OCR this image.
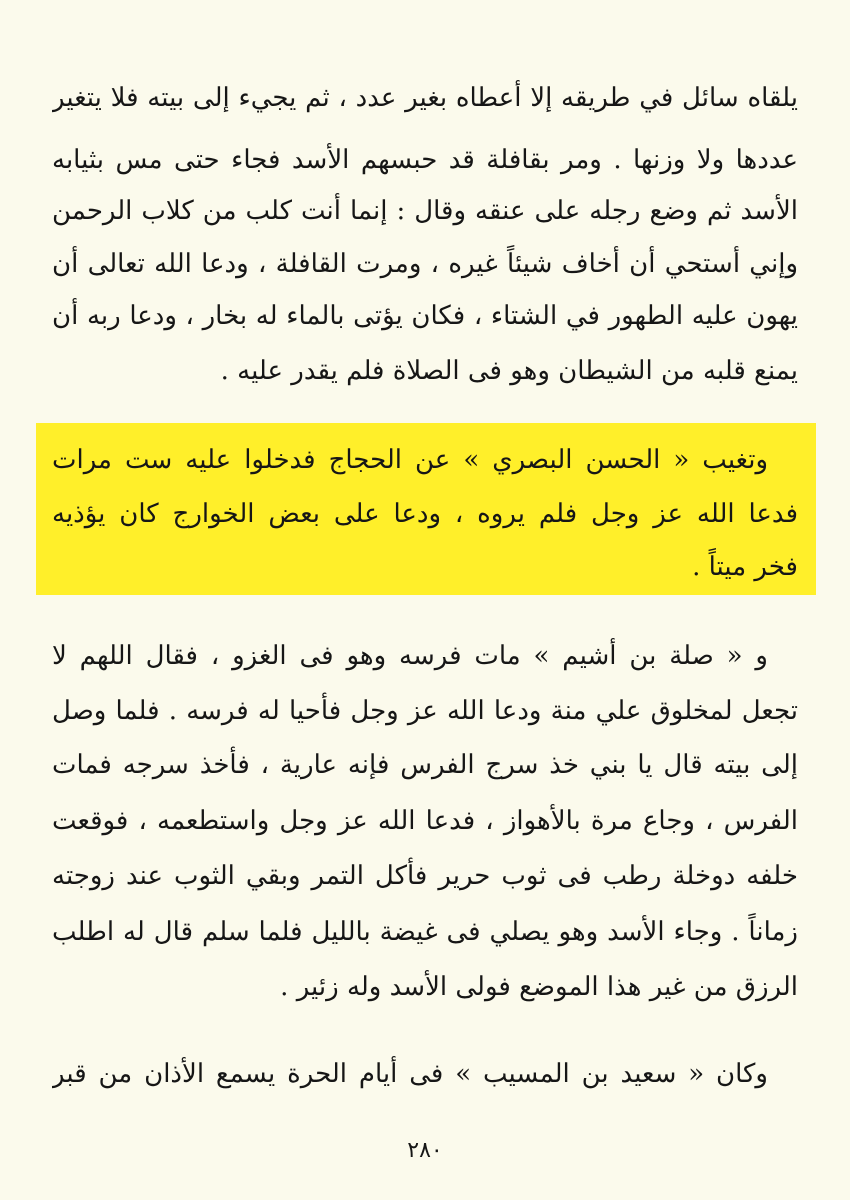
يلقاه سائل في طريقه إلا أعطاه بغير عدد ، ثم يجيء إلى بيته فلا يتغير
عددها ولا وزنها . ومر بقافلة قد حبسهم الأسد فجاء حتى مس بثيابه
الأسد ثم وضع رجله على عنقه وقال : إنما أنت كلب من كلاب الرحمن
وإني أستحي أن أخاف شيئاً غيره ، ومرت القافلة ، ودعا الله تعالى أن
يهون عليه الطهور في الشتاء ، فكان يؤتى بالماء له بخار ، ودعا ربه أن
يمنع قلبه من الشيطان وهو فى الصلاة فلم يقدر عليه .
وتغيب « الحسن البصري » عن الحجاج فدخلوا عليه ست مرات
فدعا الله عز وجل فلم يروه ، ودعا على بعض الخوارج كان يؤذيه
فخر ميتاً .
و « صلة بن أشيم » مات فرسه وهو فى الغزو ، فقال اللهم لا
تجعل لمخلوق علي منة ودعا الله عز وجل فأحيا له فرسه . فلما وصل
إلى بيته قال يا بني خذ سرج الفرس فإنه عارية ، فأخذ سرجه فمات
الفرس ، وجاع مرة بالأهواز ، فدعا الله عز وجل واستطعمه ، فوقعت
خلفه دوخلة رطب فى ثوب حرير فأكل التمر وبقي الثوب عند زوجته
زماناً . وجاء الأسد وهو يصلي فى غيضة بالليل فلما سلم قال له اطلب
الرزق من غير هذا الموضع فولى الأسد وله زئير .
وكان « سعيد بن المسيب » فى أيام الحرة يسمع الأذان من قبر
٢٨٠
